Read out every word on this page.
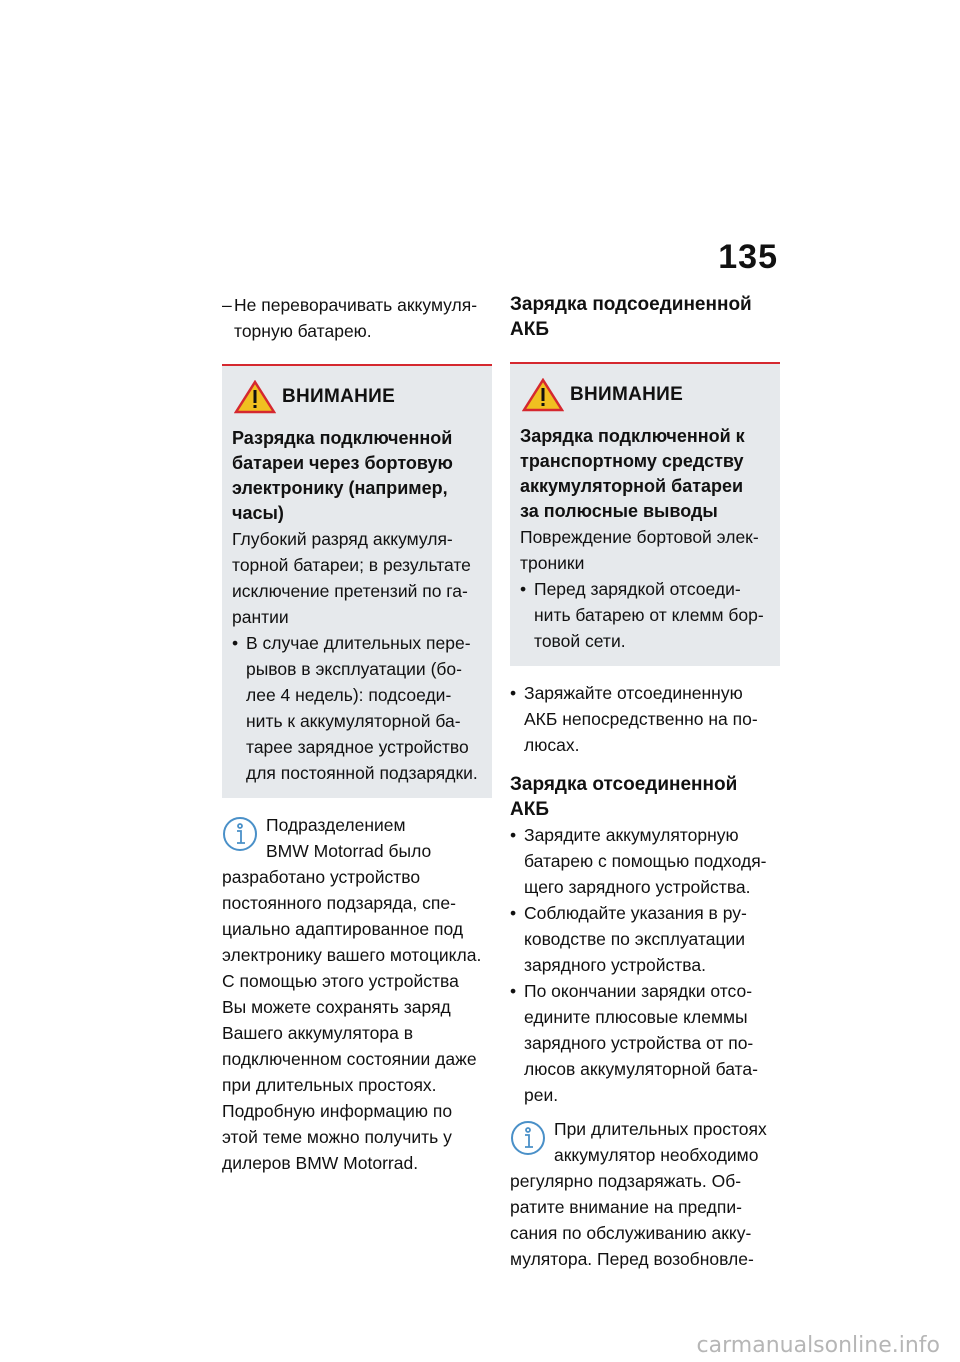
135
– Не переворачивать аккумуля-
торную батарею.
ВНИМАНИЕ
Разрядка подключенной
батареи через бортовую
электронику (например,
часы)
Глубокий разряд аккумуля-
торной батареи; в результате
исключение претензий по га-
рантии
• В случае длительных пере-
рывов в эксплуатации (бо-
лее 4 недель): подсоеди-
нить к аккумуляторной ба-
тарее зарядное устройство
для постоянной подзарядки.
Подразделением
BMW Motorrad было
разработано устройство
постоянного подзаряда, спе-
циально адаптированное под
электронику вашего мотоцикла.
С помощью этого устройства
Вы можете сохранять заряд
Вашего аккумулятора в
подключенном состоянии даже
при длительных простоях.
Подробную информацию по
этой теме можно получить у
дилеров BMW Motorrad.
Зарядка подсоединенной
АКБ
ВНИМАНИЕ
Зарядка подключенной к
транспортному средству
аккумуляторной батареи
за полюсные выводы
Повреждение бортовой элек-
троники
• Перед зарядкой отсоеди-
нить батарею от клемм бор-
товой сети.
• Заряжайте отсоединенную
АКБ непосредственно на по-
люсах.
Зарядка отсоединенной
АКБ
• Зарядите аккумуляторную
батарею с помощью подходя-
щего зарядного устройства.
• Соблюдайте указания в ру-
ководстве по эксплуатации
зарядного устройства.
• По окончании зарядки отсо-
едините плюсовые клеммы
зарядного устройства от по-
люсов аккумуляторной бата-
реи.
При длительных простоях
аккумулятор необходимо
регулярно подзаряжать. Об-
ратите внимание на предпи-
сания по обслуживанию акку-
мулятора. Перед возобновле-
carmanualsonline.info
